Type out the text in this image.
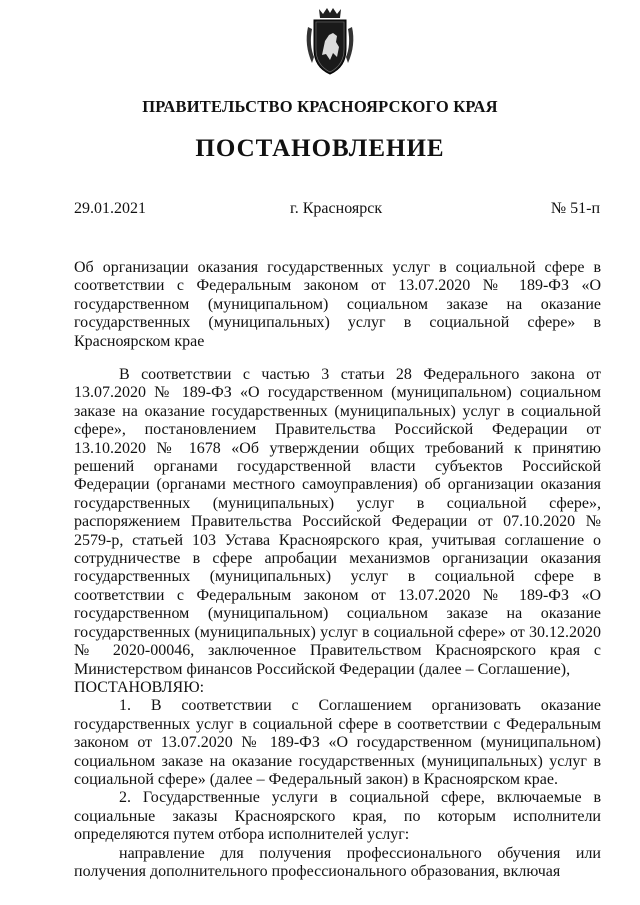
ПРАВИТЕЛЬСТВО КРАСНОЯРСКОГО КРАЯ
ПОСТАНОВЛЕНИЕ
29.01.2021	г. Красноярск	№ 51-п
Об организации оказания государственных услуг в социальной сфере в соответствии с Федеральным законом от 13.07.2020 № 189-ФЗ «О государственном (муниципальном) социальном заказе на оказание государственных (муниципальных) услуг в социальной сфере» в Красноярском крае

В соответствии с частью 3 статьи 28 Федерального закона от 13.07.2020 № 189-ФЗ «О государственном (муниципальном) социальном заказе на оказание государственных (муниципальных) услуг в социальной сфере», постановлением Правительства Российской Федерации от 13.10.2020 № 1678 «Об утверждении общих требований к принятию решений органами государственной власти субъектов Российской Федерации (органами местного самоуправления) об организации оказания государственных (муниципальных) услуг в социальной сфере», распоряжением Правительства Российской Федерации от 07.10.2020 № 2579-р, статьей 103 Устава Красноярского края, учитывая соглашение о сотрудничестве в сфере апробации механизмов организации оказания государственных (муниципальных) услуг в социальной сфере в соответствии с Федеральным законом от 13.07.2020 № 189-ФЗ «О государственном (муниципальном) социальном заказе на оказание государственных (муниципальных) услуг в социальной сфере» от 30.12.2020 № 2020-00046, заключенное Правительством Красноярского края с Министерством финансов Российской Федерации (далее – Соглашение),

ПОСТАНОВЛЯЮ:

1. В соответствии с Соглашением организовать оказание государственных услуг в социальной сфере в соответствии с Федеральным законом от 13.07.2020 № 189-ФЗ «О государственном (муниципальном) социальном заказе на оказание государственных (муниципальных) услуг в социальной сфере» (далее – Федеральный закон) в Красноярском крае.

2. Государственные услуги в социальной сфере, включаемые в социальные заказы Красноярского края, по которым исполнители определяются путем отбора исполнителей услуг:

направление для получения профессионального обучения или получения дополнительного профессионального образования, включая
